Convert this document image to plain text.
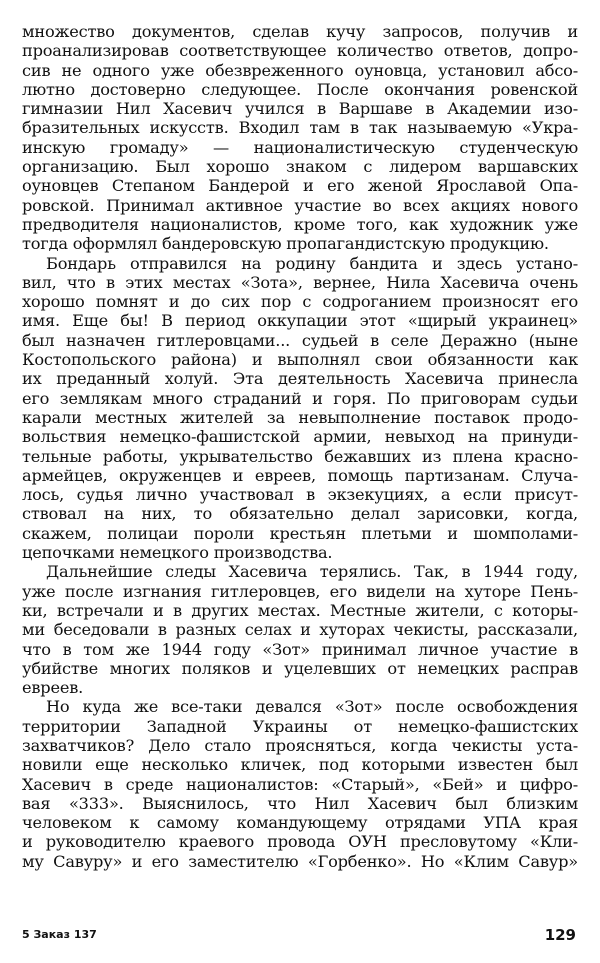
множество документов, сделав кучу запросов, получив и
проанализировав соответствующее количество ответов, допро-
сив не одного уже обезвреженного оуновца, установил абсо-
лютно достоверно следующее. После окончания ровенской
гимназии Нил Хасевич учился в Варшаве в Академии изо-
бразительных искусств. Входил там в так называемую «Укра-
инскую громаду» — националистическую студенческую
организацию. Был хорошо знаком с лидером варшавских
оуновцев Степаном Бандерой и его женой Ярославой Опа-
ровской. Принимал активное участие во всех акциях нового
предводителя националистов, кроме того, как художник уже
тогда оформлял бандеровскую пропагандистскую продукцию.
Бондарь отправился на родину бандита и здесь устано-
вил, что в этих местах «Зота», вернее, Нила Хасевича очень
хорошо помнят и до сих пор с содроганием произносят его
имя. Еще бы! В период оккупации этот «щирый украинец»
был назначен гитлеровцами... судьей в селе Деражно (ныне
Костопольского района) и выполнял свои обязанности как
их преданный холуй. Эта деятельность Хасевича принесла
его землякам много страданий и горя. По приговорам судьи
карали местных жителей за невыполнение поставок продо-
вольствия немецко-фашистской армии, невыход на принуди-
тельные работы, укрывательство бежавших из плена красно-
армейцев, окруженцев и евреев, помощь партизанам. Случа-
лось, судья лично участвовал в экзекуциях, а если присут-
ствовал на них, то обязательно делал зарисовки, когда,
скажем, полицаи пороли крестьян плетьми и шомполами-
цепочками немецкого производства.
Дальнейшие следы Хасевича терялись. Так, в 1944 году,
уже после изгнания гитлеровцев, его видели на хуторе Пень-
ки, встречали и в других местах. Местные жители, с которы-
ми беседовали в разных селах и хуторах чекисты, рассказали,
что в том же 1944 году «Зот» принимал личное участие в
убийстве многих поляков и уцелевших от немецких расправ
евреев.
Но куда же все-таки девался «Зот» после освобождения
территории Западной Украины от немецко-фашистских
захватчиков? Дело стало проясняться, когда чекисты уста-
новили еще несколько кличек, под которыми известен был
Хасевич в среде националистов: «Старый», «Бей» и цифро-
вая «333». Выяснилось, что Нил Хасевич был близким
человеком к самому командующему отрядами УПА края
и руководителю краевого провода ОУН пресловутому «Кли-
му Савуру» и его заместителю «Горбенко». Но «Клим Савур»
5 Заказ 137	129
